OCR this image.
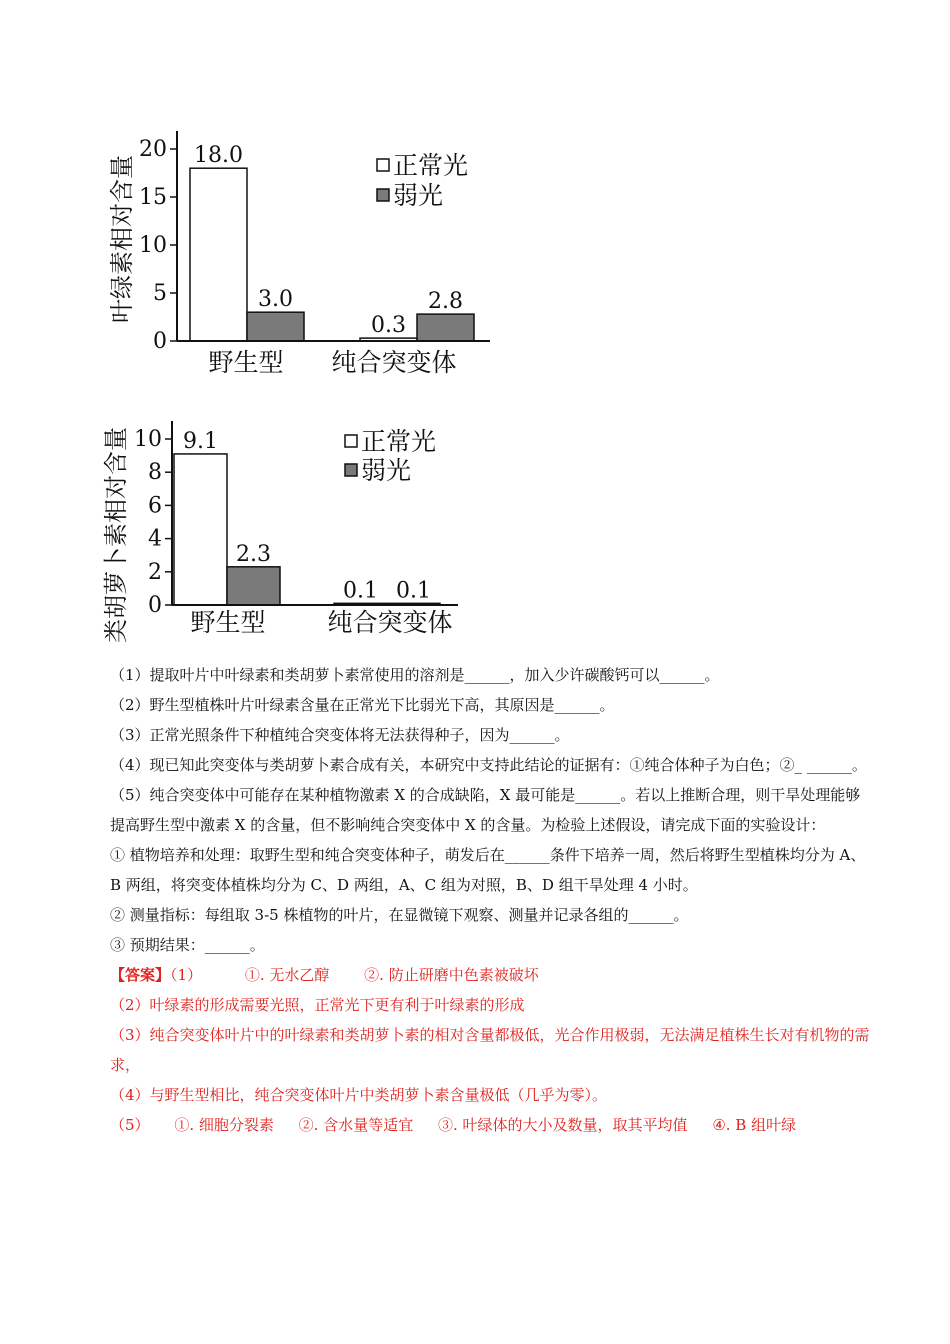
叶绿素相对含量
0
5
10
15
20 18.0
3.0
0.3
2.8
正常光
弱光
野生型 纯合突变体
类胡萝卜素相对含量 0
2
4
6
8
10 9.1
2.3
0.1 0.1
正常光
弱光
野生型 纯合突变体

（1）提取叶片中叶绿素和类胡萝卜素常使用的溶剂是______，加入少许碳酸钙可以______。

（2）野生型植株叶片叶绿素含量在正常光下比弱光下高，其原因是______。

（3）正常光照条件下种植纯合突变体将无法获得种子，因为______。

（4）现已知此突变体与类胡萝卜素合成有关，本研究中支持此结论的证据有：①纯合体种子为白色；②_ ______。

（5）纯合突变体中可能存在某种植物激素 X 的合成缺陷，X 最可能是______。若以上推断合理，则干旱处理能够提高野生型中激素 X 的含量，但不影响纯合突变体中 X 的含量。为检验上述假设，请完成下面的实验设计：

① 植物培养和处理：取野生型和纯合突变体种子，萌发后在______条件下培养一周，然后将野生型植株均分为 A、B 两组，将突变体植株均分为 C、D 两组，A、C 组为对照，B、D 组干旱处理 4 小时。

② 测量指标：每组取 3-5 株植物的叶片，在显微镜下观察、测量并记录各组的______。

③ 预期结果：______。

【答案】（1）	①. 无水乙醇 ②. 防止研磨中色素被破坏

（2）叶绿素的形成需要光照，正常光下更有利于叶绿素的形成

（3）纯合突变体叶片中的叶绿素和类胡萝卜素的相对含量都极低，光合作用极弱，无法满足植株生长对有机物的需求，

（4）与野生型相比，纯合突变体叶片中类胡萝卜素含量极低（几乎为零）。

（5） ①. 细胞分裂素 ②. 含水量等适宜 ③. 叶绿体的大小及数量，取其平均值 ④. B 组叶绿
